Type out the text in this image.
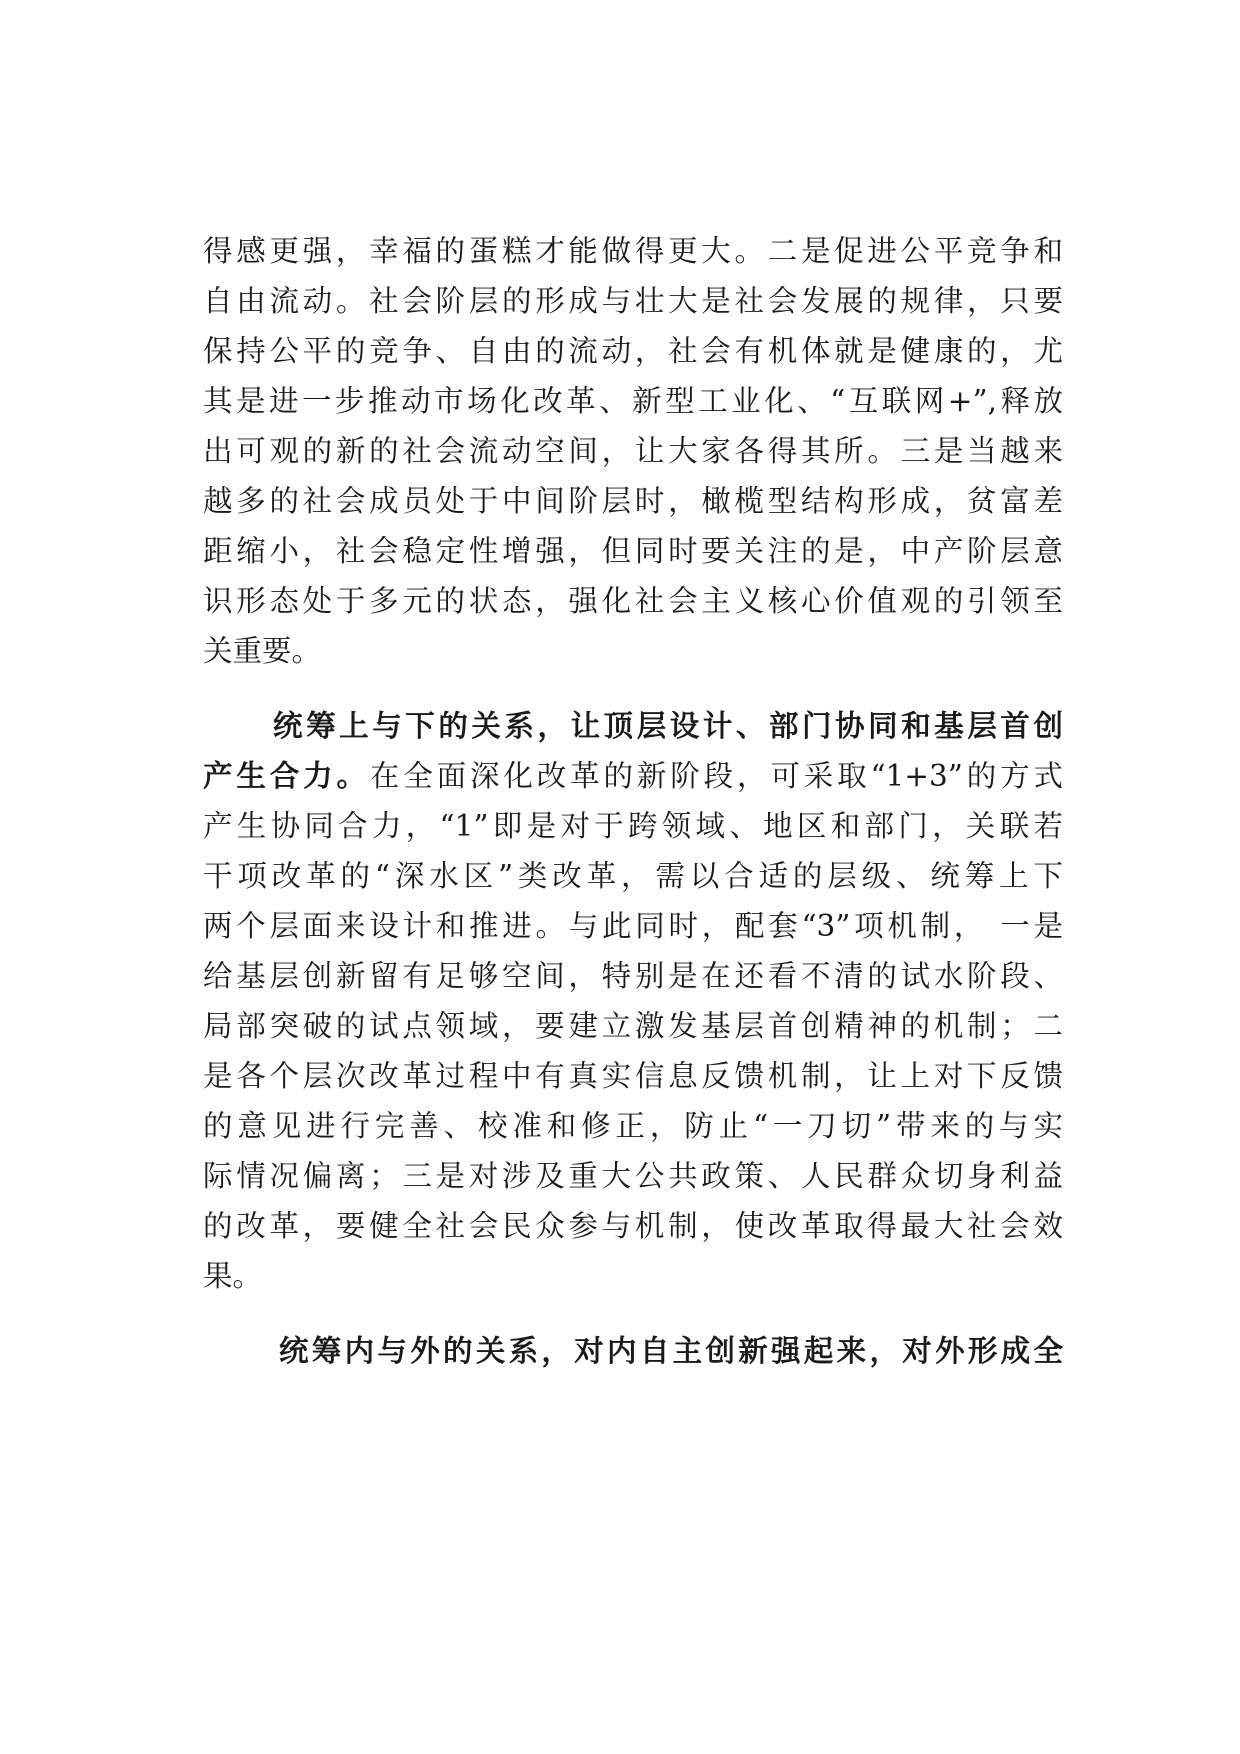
得感更强，幸福的蛋糕才能做得更大。二是促进公平竞争和
自由流动。社会阶层的形成与壮大是社会发展的规律，只要
保持公平的竞争、自由的流动，社会有机体就是健康的，尤
其是进一步推动市场化改革、新型工业化、“互联网+”,释放
出可观的新的社会流动空间，让大家各得其所。三是当越来
越多的社会成员处于中间阶层时，橄榄型结构形成，贫富差
距缩小，社会稳定性增强，但同时要关注的是，中产阶层意
识形态处于多元的状态，强化社会主义核心价值观的引领至
关重要。
统筹上与下的关系，让顶层设计、部门协同和基层首创
产生合力。在全面深化改革的新阶段，可采取“1+3”的方式
产生协同合力，“1”即是对于跨领域、地区和部门，关联若
干项改革的“深水区”类改革，需以合适的层级、统筹上下
两个层面来设计和推进。与此同时，配套“3”项机制， 一是
给基层创新留有足够空间，特别是在还看不清的试水阶段、
局部突破的试点领域，要建立激发基层首创精神的机制；二
是各个层次改革过程中有真实信息反馈机制，让上对下反馈
的意见进行完善、校准和修正，防止“一刀切”带来的与实
际情况偏离；三是对涉及重大公共政策、人民群众切身利益
的改革，要健全社会民众参与机制，使改革取得最大社会效
果。
统筹内与外的关系，对内自主创新强起来，对外形成全
